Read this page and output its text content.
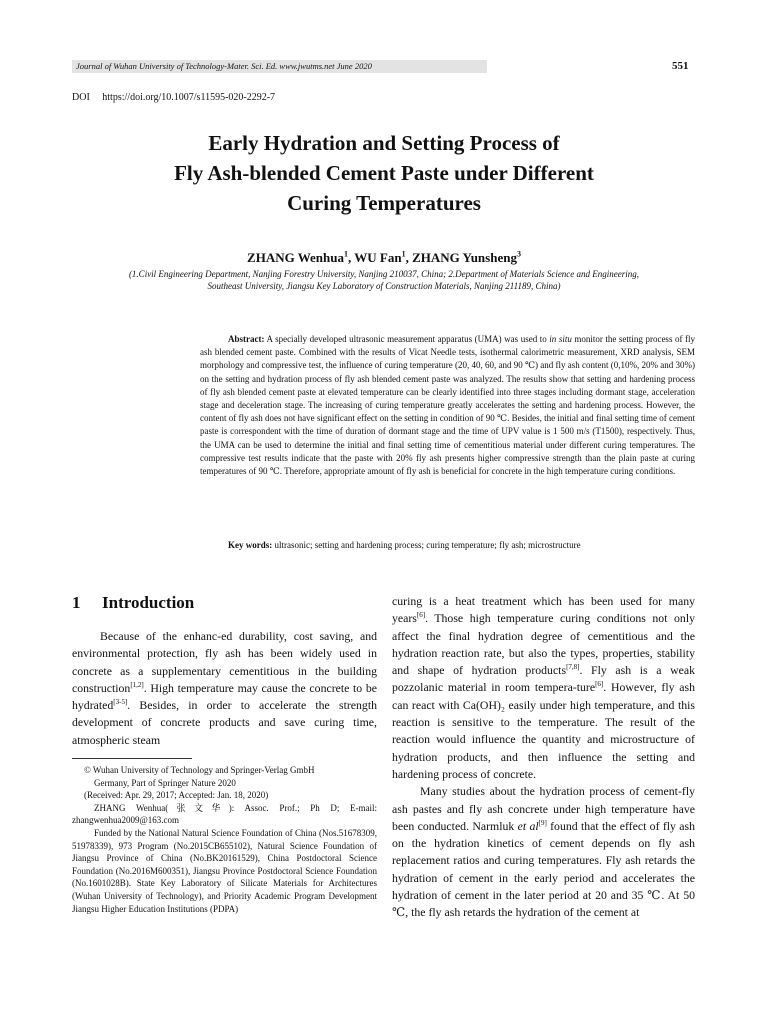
Journal of Wuhan University of Technology-Mater. Sci. Ed. www.jwutms.net June 2020	551
DOI https://doi.org/10.1007/s11595-020-2292-7
Early Hydration and Setting Process of
Fly Ash-blended Cement Paste under Different
Curing Temperatures
ZHANG Wenhua$^1$, WU Fan$^1$, ZHANG Yunsheng$^3$
(1.Civil Engineering Department, Nanjing Forestry University, Nanjing 210037, China; 2.Department of Materials Science and Engineering,
Southeast University, Jiangsu Key Laboratory of Construction Materials, Nanjing 211189, China)
Abstract: A specially developed ultrasonic measurement apparatus (UMA) was used to in situ monitor the setting process of fly ash blended cement paste. Combined with the results of Vicat Needle tests, isothermal calorimetric measurement, XRD analysis, SEM morphology and compressive test, the influence of curing temperature (20, 40, 60, and 90 ℃) and fly ash content (0,10%, 20% and 30%) on the setting and hydration process of fly ash blended cement paste was analyzed. The results show that setting and hardening process of fly ash blended cement paste at elevated temperature can be clearly identified into three stages including dormant stage, acceleration stage and deceleration stage. The increasing of curing temperature greatly accelerates the setting and hardening process. However, the content of fly ash does not have significant effect on the setting in condition of 90 ℃. Besides, the initial and final setting time of cement paste is correspondent with the time of duration of dormant stage and the time of UPV value is 1 500 m/s (T1500), respectively. Thus, the UMA can be used to determine the initial and final setting time of cementitious material under different curing temperatures. The compressive test results indicate that the paste with 20% fly ash presents higher compressive strength than the plain paste at curing temperatures of 90 ℃. Therefore, appropriate amount of fly ash is beneficial for concrete in the high temperature curing conditions.
Key words: ultrasonic; setting and hardening process; curing temperature; fly ash; microstructure
1 Introduction

Because of the enhanc-ed durability, cost saving, and environmental protection, fly ash has been widely used in concrete as a supplementary cementitious in the building construction[1,2]. High temperature may cause the concrete to be hydrated[3-5]. Besides, in order to accelerate the strength development of concrete products and save curing time, atmospheric steam

© Wuhan University of Technology and Springer-Verlag GmbH

Germany, Part of Springer Nature 2020

(Received: Apr. 29, 2017; Accepted: Jan. 18, 2020)

ZHANG Wenhua(张文华): Assoc. Prof.; Ph D; E-mail: zhangwenhua2009@163.com

Funded by the National Natural Science Foundation of China (Nos.51678309, 51978339), 973 Program (No.2015CB655102), Natural Science Foundation of Jiangsu Province of China (No.BK20161529), China Postdoctoral Science Foundation (No.2016M600351), Jiangsu Province Postdoctoral Science Foundation (No.1601028B). State Key Laboratory of Silicate Materials for Architectures (Wuhan University of Technology), and Priority Academic Program Development Jiangsu Higher Education Institutions (PDPA)

curing is a heat treatment which has been used for many years[6]. Those high temperature curing conditions not only affect the final hydration degree of cementitious and the hydration reaction rate, but also the types, properties, stability and shape of hydration products[7,8]. Fly ash is a weak pozzolanic material in room tempera-ture[6]. However, fly ash can react with Ca(OH)₂ easily under high temperature, and this reaction is sensitive to the temperature. The result of the reaction would influence the quantity and microstructure of hydration products, and then influence the setting and hardening process of concrete.

Many studies about the hydration process of cement-fly ash pastes and fly ash concrete under high temperature have been conducted. Narmluk et al[9] found that the effect of fly ash on the hydration kinetics of cement depends on fly ash replacement ratios and curing temperatures. Fly ash retards the hydration of cement in the early period and accelerates the hydration of cement in the later period at 20 and 35 ℃. At 50 ℃, the fly ash retards the hydration of the cement at
